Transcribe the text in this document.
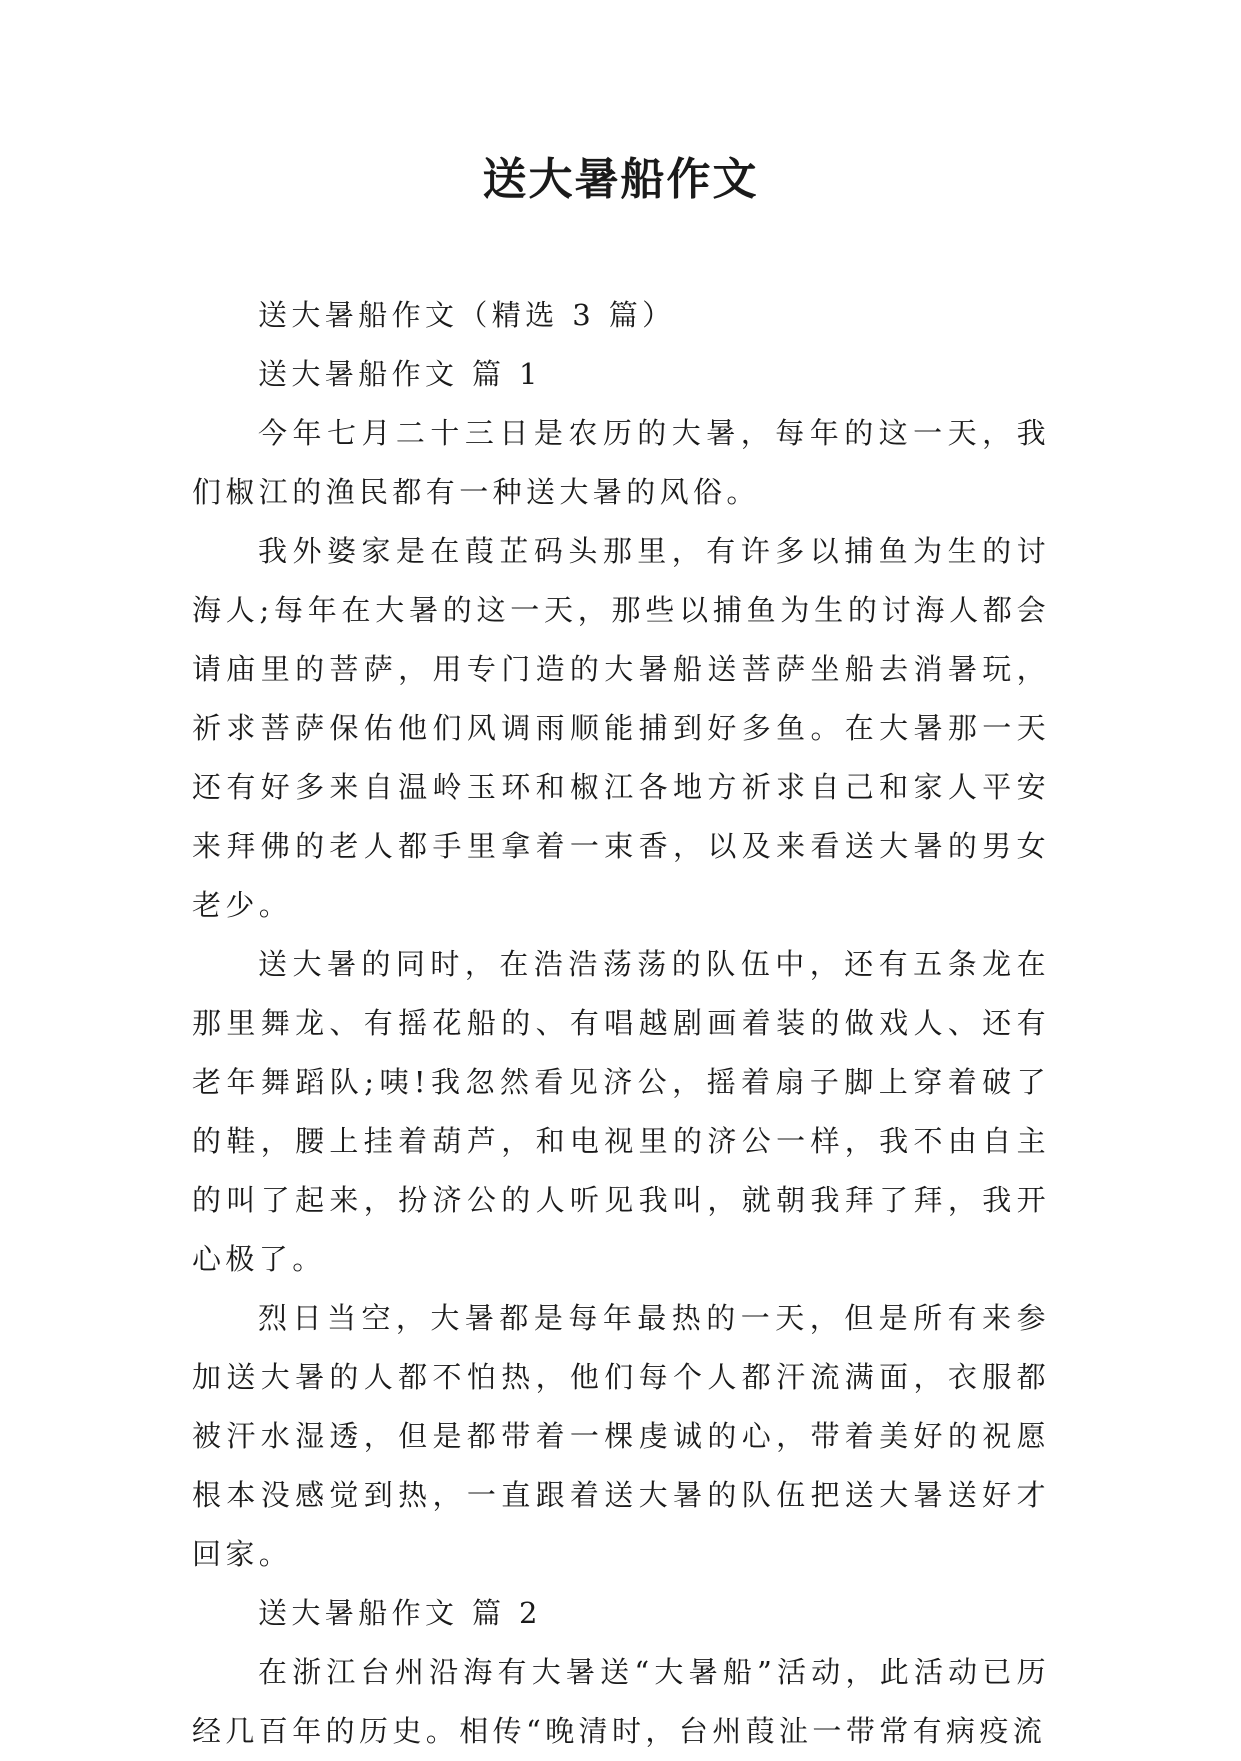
送大暑船作文

送大暑船作文（精选 3 篇）

送大暑船作文 篇 1

今年七月二十三日是农历的大暑，每年的这一天，我们椒江的渔民都有一种送大暑的风俗。

我外婆家是在葭芷码头那里，有许多以捕鱼为生的讨海人;每年在大暑的这一天，那些以捕鱼为生的讨海人都会请庙里的菩萨，用专门造的大暑船送菩萨坐船去消暑玩，祈求菩萨保佑他们风调雨顺能捕到好多鱼。在大暑那一天还有好多来自温岭玉环和椒江各地方祈求自己和家人平安来拜佛的老人都手里拿着一束香，以及来看送大暑的男女老少。

送大暑的同时，在浩浩荡荡的队伍中，还有五条龙在那里舞龙、有摇花船的、有唱越剧画着装的做戏人、还有老年舞蹈队;咦!我忽然看见济公，摇着扇子脚上穿着破了的鞋，腰上挂着葫芦，和电视里的济公一样，我不由自主的叫了起来，扮济公的人听见我叫，就朝我拜了拜，我开心极了。

烈日当空，大暑都是每年最热的一天，但是所有来参加送大暑的人都不怕热，他们每个人都汗流满面，衣服都被汗水湿透，但是都带着一棵虔诚的心，带着美好的祝愿根本没感觉到热，一直跟着送大暑的队伍把送大暑送好才回家。

送大暑船作文 篇 2

在浙江台州沿海有大暑送“大暑船”活动，此活动已历经几百年的历史。相传“晚清时，台州葭沚一带常有病疫流
